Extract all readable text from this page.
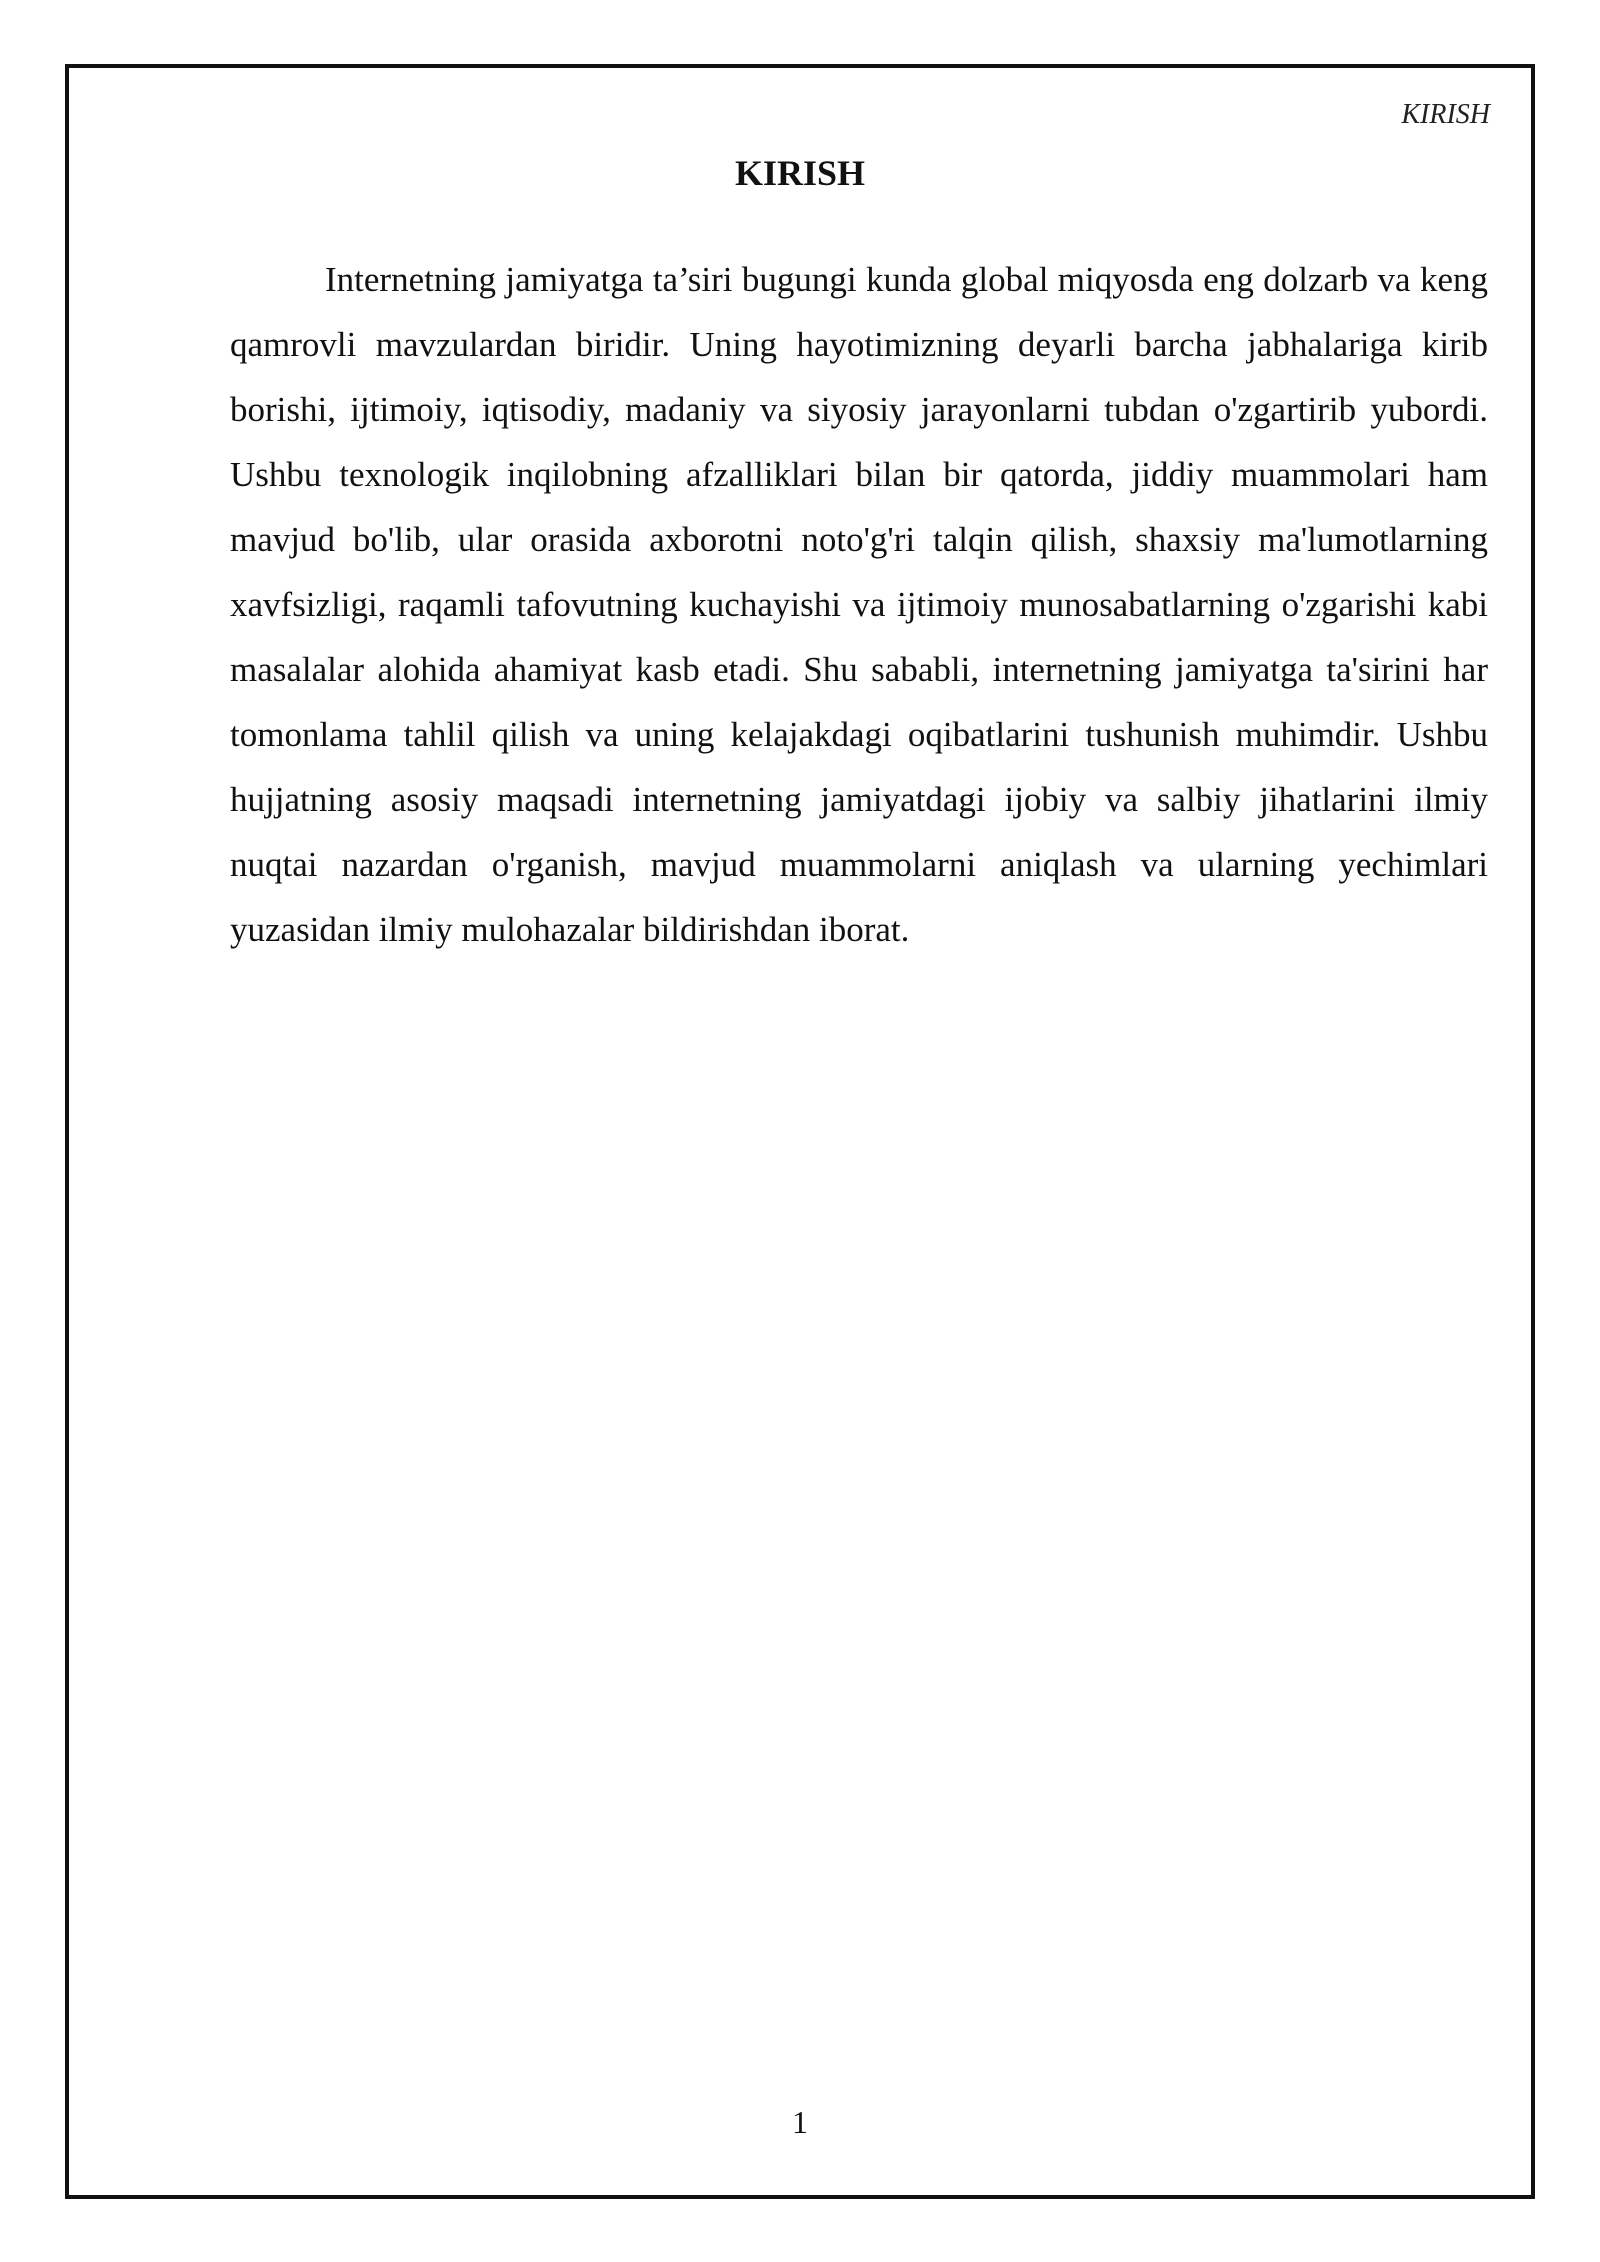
KIRISH
KIRISH

Internetning jamiyatga ta’siri bugungi kunda global miqyosda eng dolzarb va keng qamrovli mavzulardan biridir. Uning hayotimizning deyarli barcha jabhalariga kirib borishi, ijtimoiy, iqtisodiy, madaniy va siyosiy jarayonlarni tubdan o'zgartirib yubordi. Ushbu texnologik inqilobning afzalliklari bilan bir qatorda, jiddiy muammolari ham mavjud bo'lib, ular orasida axborotni noto'g'ri talqin qilish, shaxsiy ma'lumotlarning xavfsizligi, raqamli tafovutning kuchayishi va ijtimoiy munosabatlarning o'zgarishi kabi masalalar alohida ahamiyat kasb etadi. Shu sababli, internetning jamiyatga ta'sirini har tomonlama tahlil qilish va uning kelajakdagi oqibatlarini tushunish muhimdir. Ushbu hujjatning asosiy maqsadi internetning jamiyatdagi ijobiy va salbiy jihatlarini ilmiy nuqtai nazardan o'rganish, mavjud muammolarni aniqlash va ularning yechimlari yuzasidan ilmiy mulohazalar bildirishdan iborat.

1
